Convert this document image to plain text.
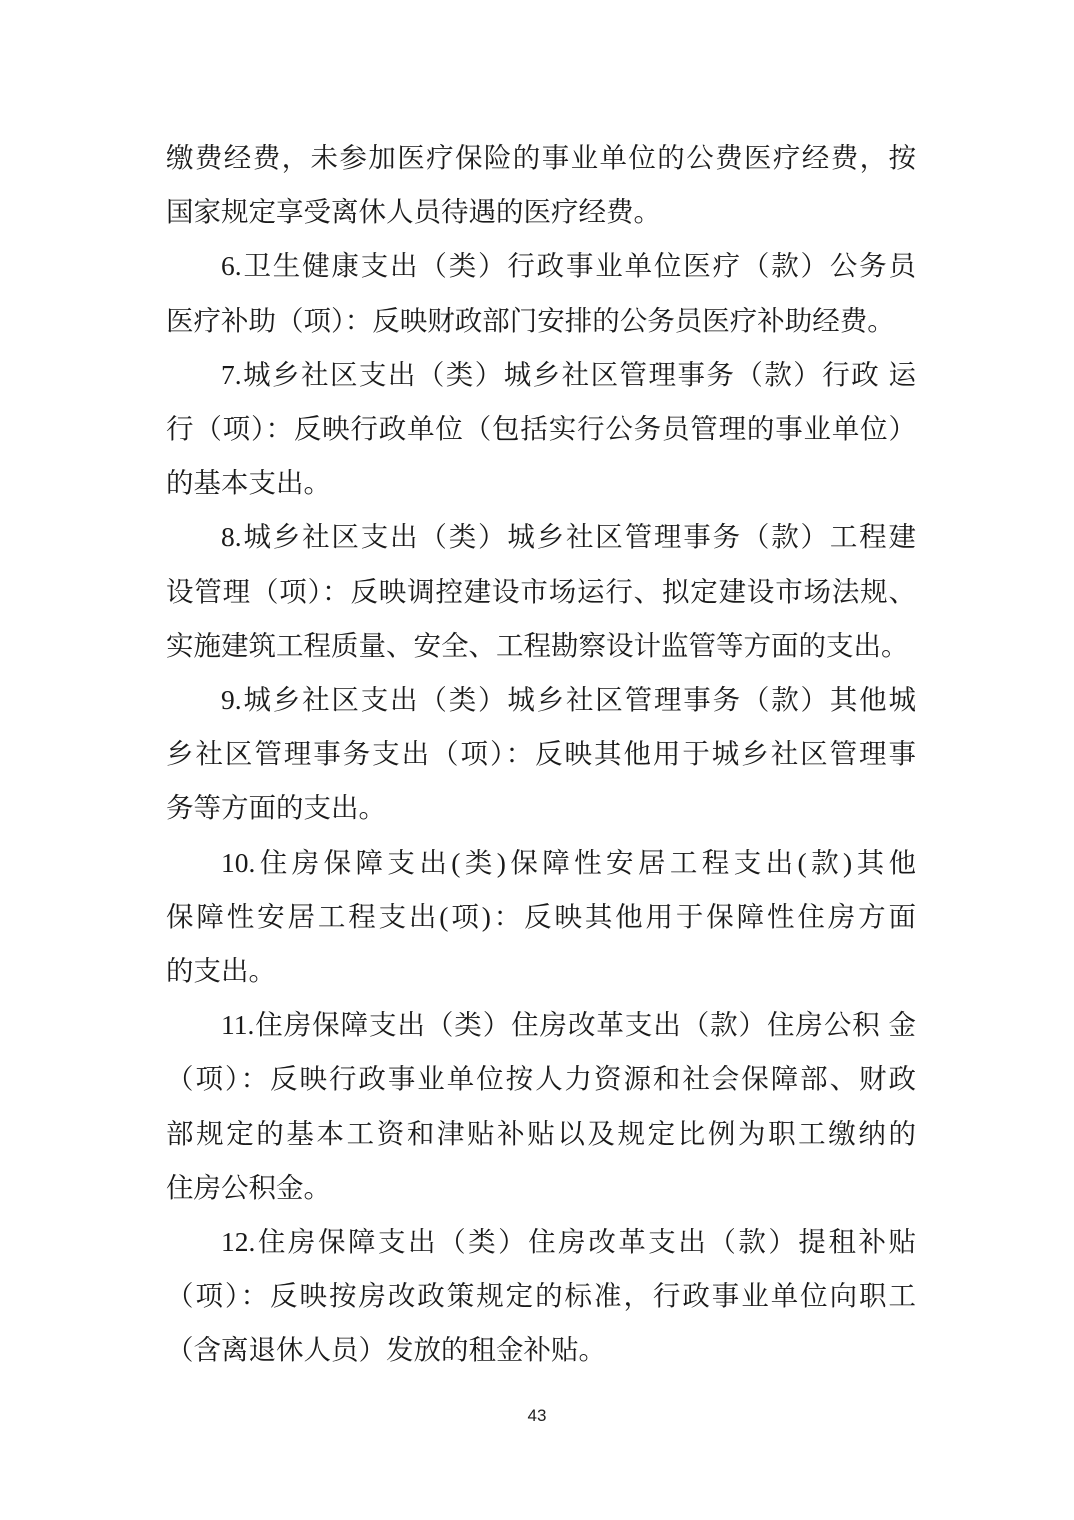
缴费经费，未参加医疗保险的事业单位的公费医疗经费，按
国家规定享受离休人员待遇的医疗经费。
6.卫生健康支出（类）行政事业单位医疗（款）公务员
医疗补助（项）：反映财政部门安排的公务员医疗补助经费。
7.城乡社区支出（类）城乡社区管理事务（款）行政 运
行（项）：反映行政单位（包括实行公务员管理的事业单位）
的基本支出。
8.城乡社区支出（类）城乡社区管理事务（款）工程建
设管理（项）：反映调控建设市场运行、拟定建设市场法规、
实施建筑工程质量、安全、工程勘察设计监管等方面的支出。
9.城乡社区支出（类）城乡社区管理事务（款）其他城
乡社区管理事务支出（项）：反映其他用于城乡社区管理事
务等方面的支出。
10.住房保障支出(类)保障性安居工程支出(款)其他
保障性安居工程支出(项)：反映其他用于保障性住房方面
的支出。
11.住房保障支出（类）住房改革支出（款）住房公积 金
（项）：反映行政事业单位按人力资源和社会保障部、财政
部规定的基本工资和津贴补贴以及规定比例为职工缴纳的
住房公积金。
12.住房保障支出（类）住房改革支出（款）提租补贴
（项）：反映按房改政策规定的标准，行政事业单位向职工
（含离退休人员）发放的租金补贴。
43
